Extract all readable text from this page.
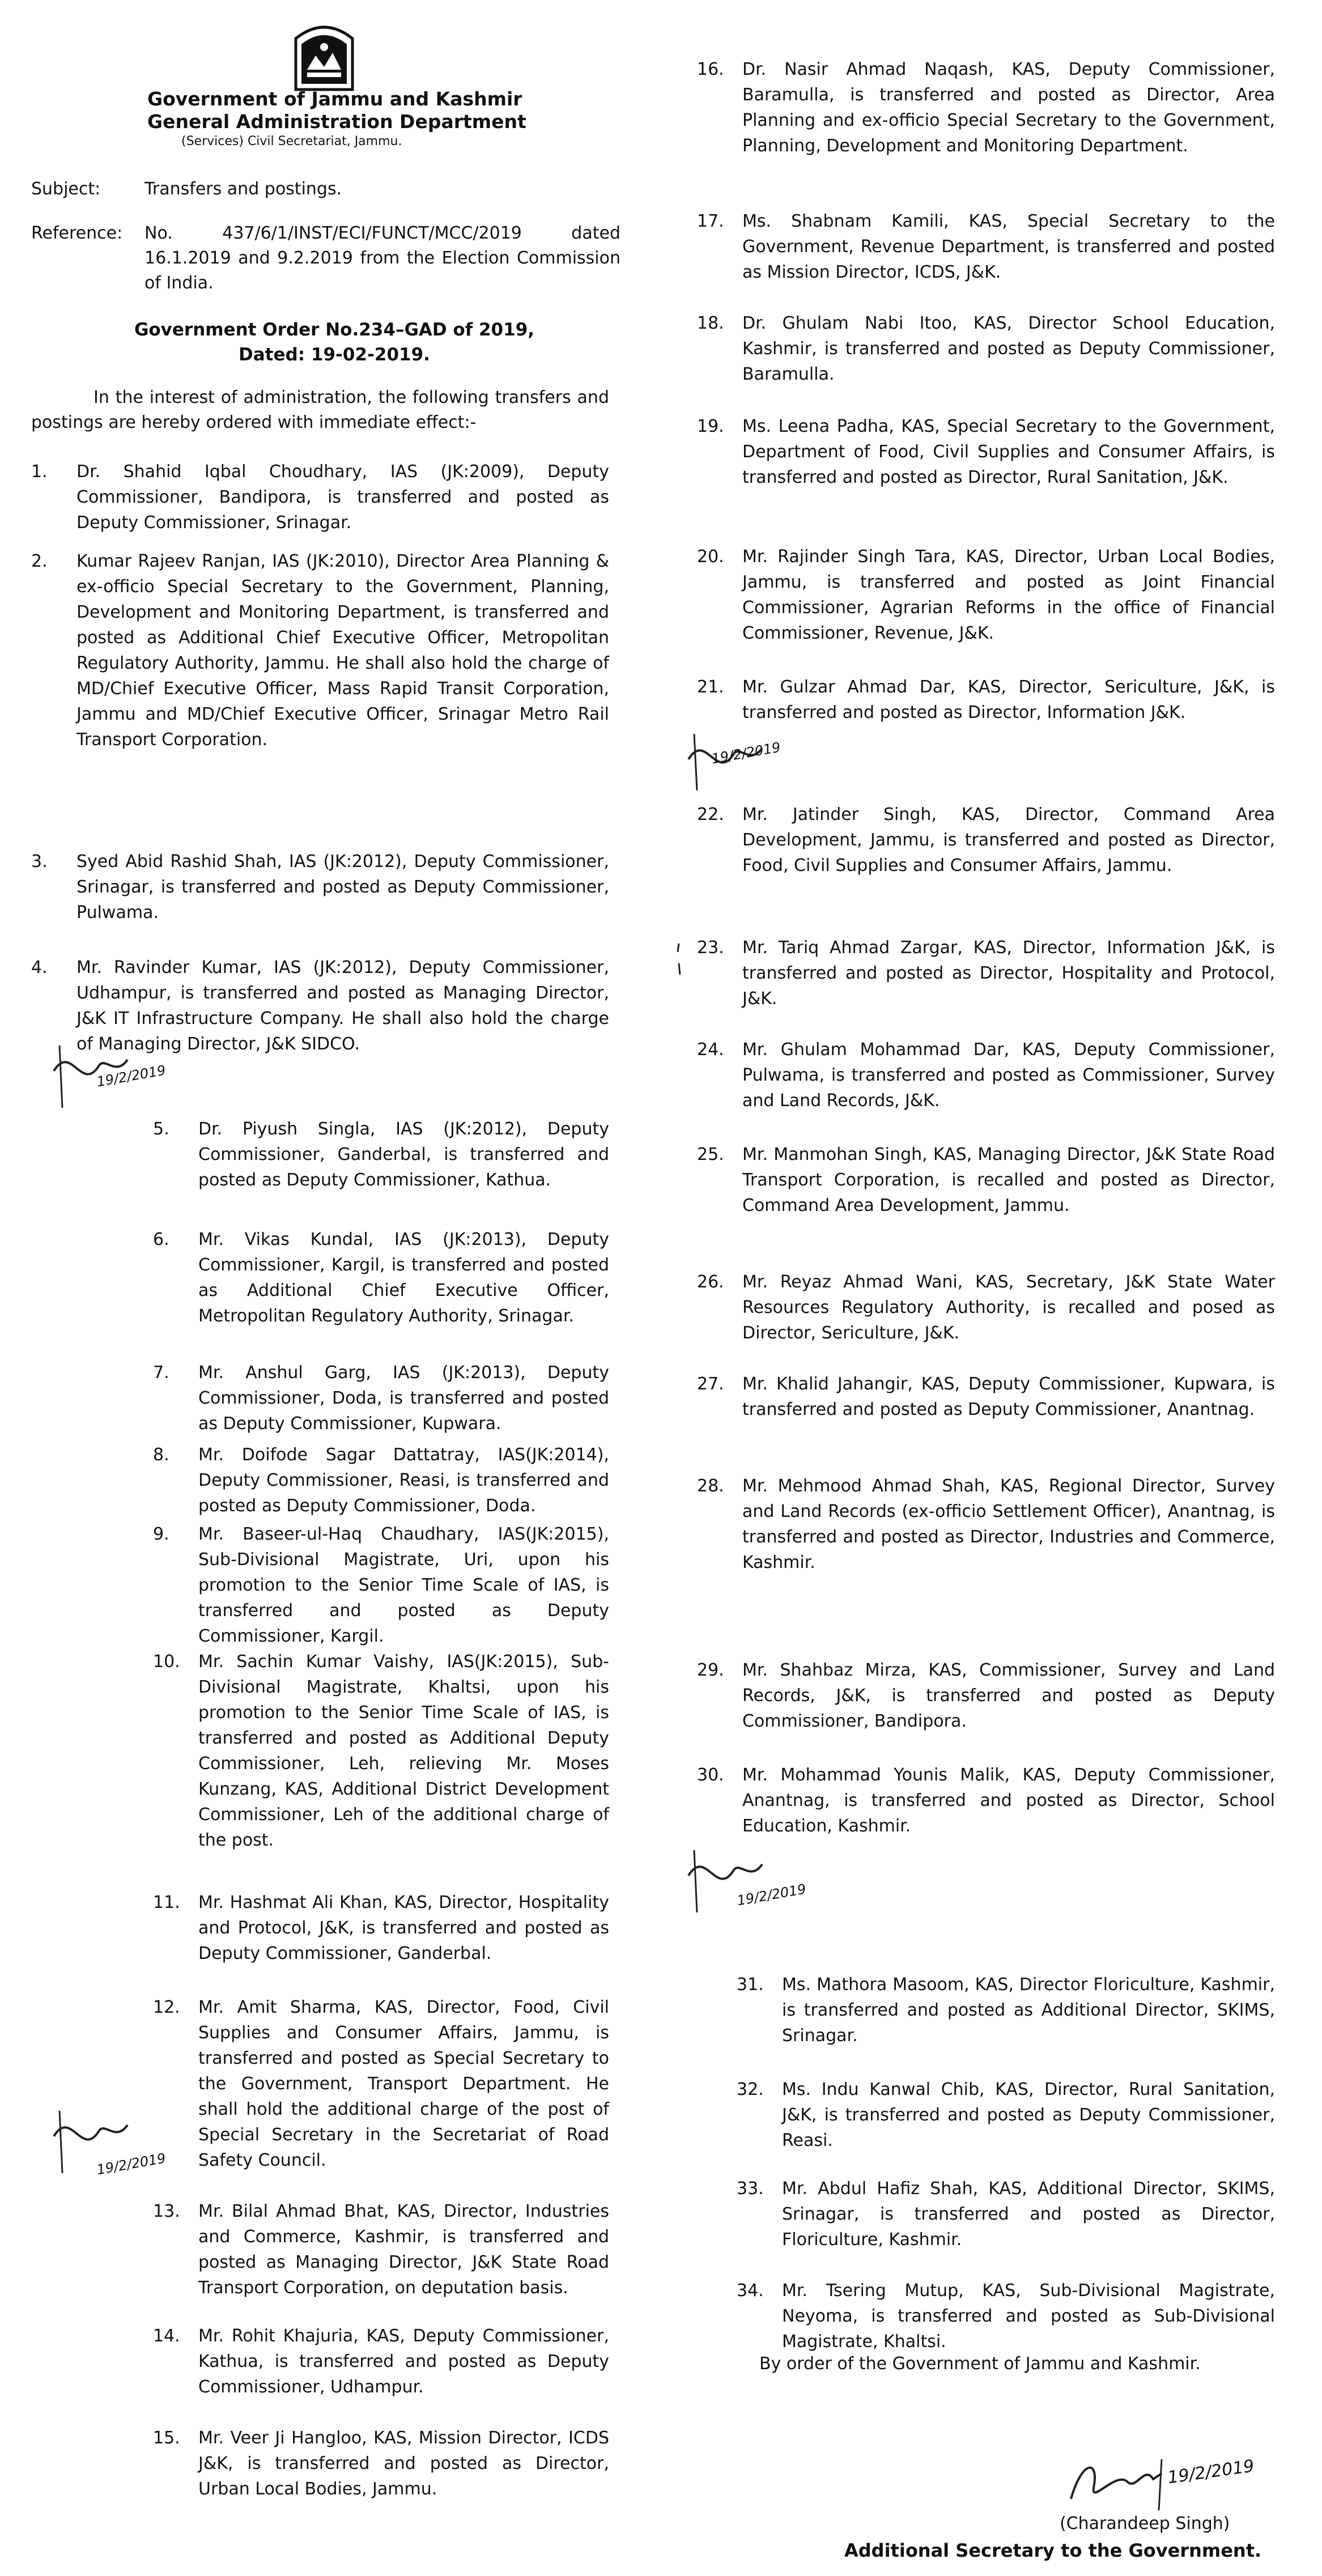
Government of Jammu and Kashmir

General Administration Department

(Services) Civil Secretariat, Jammu.

Subject:	Transfers and postings.
Reference:	No. 437/6/1/INST/ECI/FUNCT/MCC/2019 dated 16.1.2019 and 9.2.2019 from the Election Commission of India.
Government Order No.234–GAD of 2019,
Dated: 19-02-2019.
In the interest of administration, the following transfers and postings are hereby ordered with immediate effect:-
1.	Dr. Shahid Iqbal Choudhary, IAS (JK:2009), Deputy Commissioner, Bandipora, is transferred and posted as Deputy Commissioner, Srinagar.
2.	Kumar Rajeev Ranjan, IAS (JK:2010), Director Area Planning & ex-officio Special Secretary to the Government, Planning, Development and Monitoring Department, is transferred and posted as Additional Chief Executive Officer, Metropolitan Regulatory Authority, Jammu. He shall also hold the charge of MD/Chief Executive Officer, Mass Rapid Transit Corporation, Jammu and MD/Chief Executive Officer, Srinagar Metro Rail Transport Corporation.
3.	Syed Abid Rashid Shah, IAS (JK:2012), Deputy Commissioner, Srinagar, is transferred and posted as Deputy Commissioner, Pulwama.
4.	Mr. Ravinder Kumar, IAS (JK:2012), Deputy Commissioner, Udhampur, is transferred and posted as Managing Director, J&K IT Infrastructure Company. He shall also hold the charge of Managing Director, J&K SIDCO.
5.	Dr. Piyush Singla, IAS (JK:2012), Deputy Commissioner, Ganderbal, is transferred and posted as Deputy Commissioner, Kathua.
6.	Mr. Vikas Kundal, IAS (JK:2013), Deputy Commissioner, Kargil, is transferred and posted as Additional Chief Executive Officer, Metropolitan Regulatory Authority, Srinagar.
7.	Mr. Anshul Garg, IAS (JK:2013), Deputy Commissioner, Doda, is transferred and posted as Deputy Commissioner, Kupwara.
8.	Mr. Doifode Sagar Dattatray, IAS(JK:2014), Deputy Commissioner, Reasi, is transferred and posted as Deputy Commissioner, Doda.
9.	Mr. Baseer-ul-Haq Chaudhary, IAS(JK:2015), Sub-Divisional Magistrate, Uri, upon his promotion to the Senior Time Scale of IAS, is transferred and posted as Deputy Commissioner, Kargil.
10.	Mr. Sachin Kumar Vaishy, IAS(JK:2015), Sub-Divisional Magistrate, Khaltsi, upon his promotion to the Senior Time Scale of IAS, is transferred and posted as Additional Deputy Commissioner, Leh, relieving Mr. Moses Kunzang, KAS, Additional District Development Commissioner, Leh of the additional charge of the post.
11.	Mr. Hashmat Ali Khan, KAS, Director, Hospitality and Protocol, J&K, is transferred and posted as Deputy Commissioner, Ganderbal.
12.	Mr. Amit Sharma, KAS, Director, Food, Civil Supplies and Consumer Affairs, Jammu, is transferred and posted as Special Secretary to the Government, Transport Department. He shall hold the additional charge of the post of Special Secretary in the Secretariat of Road Safety Council.
13.	Mr. Bilal Ahmad Bhat, KAS, Director, Industries and Commerce, Kashmir, is transferred and posted as Managing Director, J&K State Road Transport Corporation, on deputation basis.
14.	Mr. Rohit Khajuria, KAS, Deputy Commissioner, Kathua, is transferred and posted as Deputy Commissioner, Udhampur.
15.	Mr. Veer Ji Hangloo, KAS, Mission Director, ICDS J&K, is transferred and posted as Director, Urban Local Bodies, Jammu.
16.	Dr. Nasir Ahmad Naqash, KAS, Deputy Commissioner, Baramulla, is transferred and posted as Director, Area Planning and ex-officio Special Secretary to the Government, Planning, Development and Monitoring Department.
17.	Ms. Shabnam Kamili, KAS, Special Secretary to the Government, Revenue Department, is transferred and posted as Mission Director, ICDS, J&K.
18.	Dr. Ghulam Nabi Itoo, KAS, Director School Education, Kashmir, is transferred and posted as Deputy Commissioner, Baramulla.
19.	Ms. Leena Padha, KAS, Special Secretary to the Government, Department of Food, Civil Supplies and Consumer Affairs, is transferred and posted as Director, Rural Sanitation, J&K.
20.	Mr. Rajinder Singh Tara, KAS, Director, Urban Local Bodies, Jammu, is transferred and posted as Joint Financial Commissioner, Agrarian Reforms in the office of Financial Commissioner, Revenue, J&K.
21.	Mr. Gulzar Ahmad Dar, KAS, Director, Sericulture, J&K, is transferred and posted as Director, Information J&K.
22.	Mr. Jatinder Singh, KAS, Director, Command Area Development, Jammu, is transferred and posted as Director, Food, Civil Supplies and Consumer Affairs, Jammu.
23.	Mr. Tariq Ahmad Zargar, KAS, Director, Information J&K, is transferred and posted as Director, Hospitality and Protocol, J&K.
24.	Mr. Ghulam Mohammad Dar, KAS, Deputy Commissioner, Pulwama, is transferred and posted as Commissioner, Survey and Land Records, J&K.
25.	Mr. Manmohan Singh, KAS, Managing Director, J&K State Road Transport Corporation, is recalled and posted as Director, Command Area Development, Jammu.
26.	Mr. Reyaz Ahmad Wani, KAS, Secretary, J&K State Water Resources Regulatory Authority, is recalled and posed as Director, Sericulture, J&K.
27.	Mr. Khalid Jahangir, KAS, Deputy Commissioner, Kupwara, is transferred and posted as Deputy Commissioner, Anantnag.
28.	Mr. Mehmood Ahmad Shah, KAS, Regional Director, Survey and Land Records (ex-officio Settlement Officer), Anantnag, is transferred and posted as Director, Industries and Commerce, Kashmir.
29.	Mr. Shahbaz Mirza, KAS, Commissioner, Survey and Land Records, J&K, is transferred and posted as Deputy Commissioner, Bandipora.
30.	Mr. Mohammad Younis Malik, KAS, Deputy Commissioner, Anantnag, is transferred and posted as Director, School Education, Kashmir.
31.	Ms. Mathora Masoom, KAS, Director Floriculture, Kashmir, is transferred and posted as Additional Director, SKIMS, Srinagar.
32.	Ms. Indu Kanwal Chib, KAS, Director, Rural Sanitation, J&K, is transferred and posted as Deputy Commissioner, Reasi.
33.	Mr. Abdul Hafiz Shah, KAS, Additional Director, SKIMS, Srinagar, is transferred and posted as Director, Floriculture, Kashmir.
34.	Mr. Tsering Mutup, KAS, Sub-Divisional Magistrate, Neyoma, is transferred and posted as Sub-Divisional Magistrate, Khaltsi.
By order of the Government of Jammu and Kashmir.
19/2/2019
(Charandeep Singh)
Additional Secretary to the Government.
19/2/2019
19/2/2019
19/2/2019
19/2/2019
